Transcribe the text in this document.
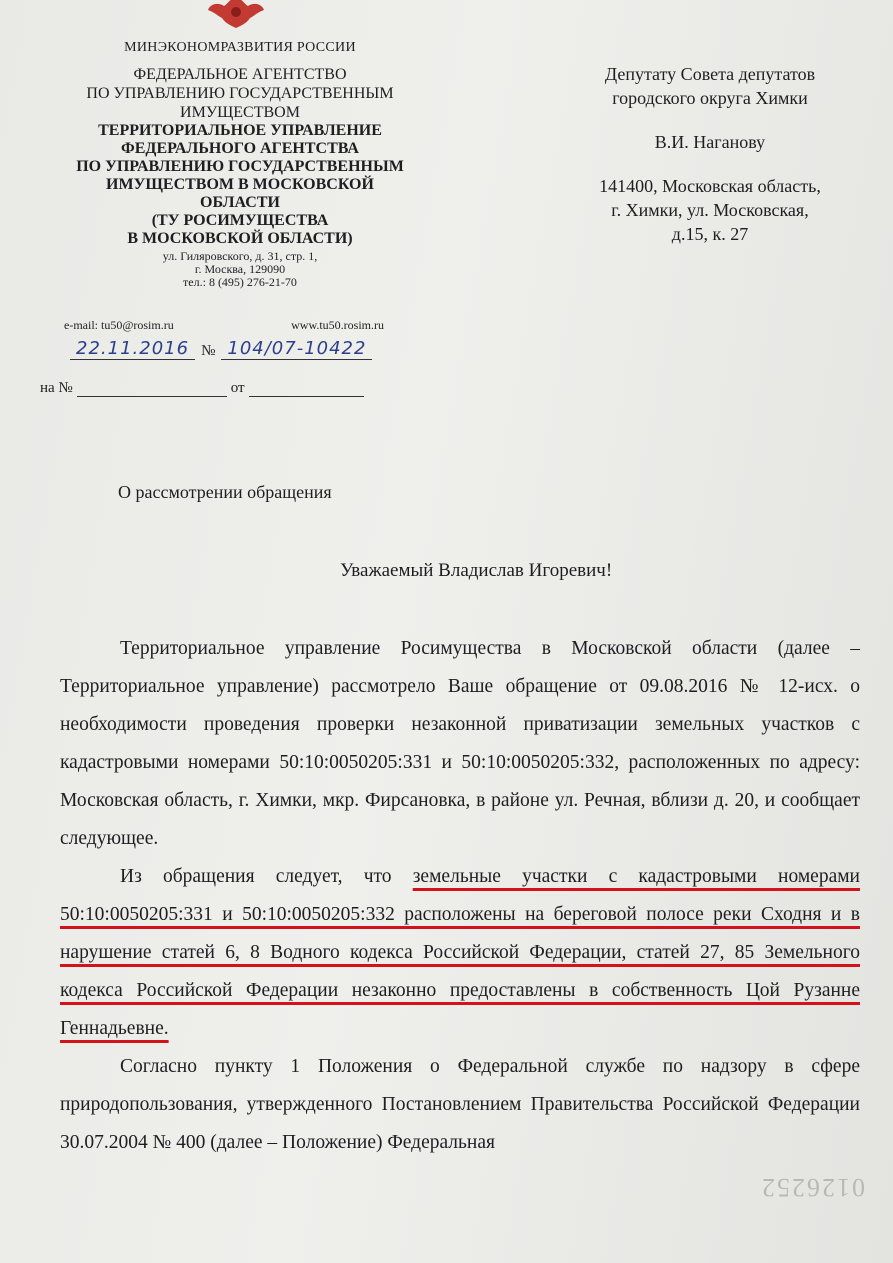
МИНЭКОНОМРАЗВИТИЯ РОССИИ
ФЕДЕРАЛЬНОЕ АГЕНТСТВО
ПО УПРАВЛЕНИЮ ГОСУДАРСТВЕННЫМ
ИМУЩЕСТВОМ
ТЕРРИТОРИАЛЬНОЕ УПРАВЛЕНИЕ
ФЕДЕРАЛЬНОГО АГЕНТСТВА
ПО УПРАВЛЕНИЮ ГОСУДАРСТВЕННЫМ
ИМУЩЕСТВОМ В МОСКОВСКОЙ
ОБЛАСТИ
(ТУ РОСИМУЩЕСТВА
В МОСКОВСКОЙ ОБЛАСТИ)
ул. Гиляровского, д. 31, стр. 1,
г. Москва, 129090
тел.: 8 (495) 276-21-70
e-mail: tu50@rosim.ru	www.tu50.rosim.ru
22.11.2016 № 104/07-10422
на №	от
Депутату Совета депутатов
городского округа Химки
В.И. Наганову
141400, Московская область,
г. Химки, ул. Московская,
д.15, к. 27
О рассмотрении обращения
Уважаемый Владислав Игоревич!

Территориальное управление Росимущества в Московской области (далее – Территориальное управление) рассмотрело Ваше обращение от 09.08.2016 № 12-исх. о необходимости проведения проверки незаконной приватизации земельных участков с кадастровыми номерами 50:10:0050205:331 и 50:10:0050205:332, расположенных по адресу: Московская область, г. Химки, мкр. Фирсановка, в районе ул. Речная, вблизи д. 20, и сообщает следующее.

Из обращения следует, что земельные участки с кадастровыми номерами 50:10:0050205:331 и 50:10:0050205:332 расположены на береговой полосе реки Сходня и в нарушение статей 6, 8 Водного кодекса Российской Федерации, статей 27, 85 Земельного кодекса Российской Федерации незаконно предоставлены в собственность Цой Рузанне Геннадьевне.

Согласно пункту 1 Положения о Федеральной службе по надзору в сфере природопользования, утвержденного Постановлением Правительства Российской Федерации 30.07.2004 № 400 (далее – Положение) Федеральная

0126252
